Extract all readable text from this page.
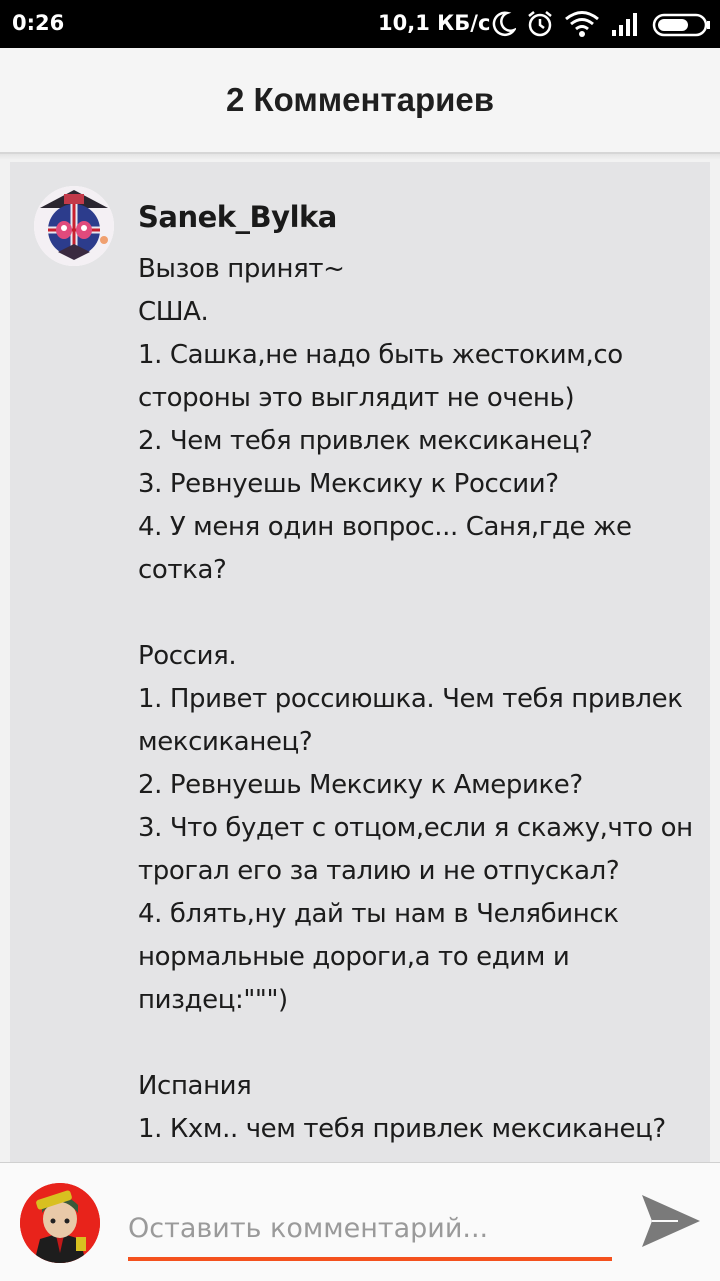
0:26	10,1 КБ/с
2 Комментариев
Sanek_Bylka
Вызов принят~
США.
1. Сашка,не надо быть жестоким,со
стороны это выглядит не очень)
2. Чем тебя привлек мексиканец?
3. Ревнуешь Мексику к России?
4. У меня один вопрос... Саня,где же
сотка?
Россия.
1. Привет россиюшка. Чем тебя привлек
мексиканец?
2. Ревнуешь Мексику к Америке?
3. Что будет с отцом,если я скажу,что он
трогал его за талию и не отпускал?
4. блять,ну дай ты нам в Челябинск
нормальные дороги,а то едим и
пиздец:""")
Испания
1. Кхм.. чем тебя привлек мексиканец?
Оставить комментарий...
